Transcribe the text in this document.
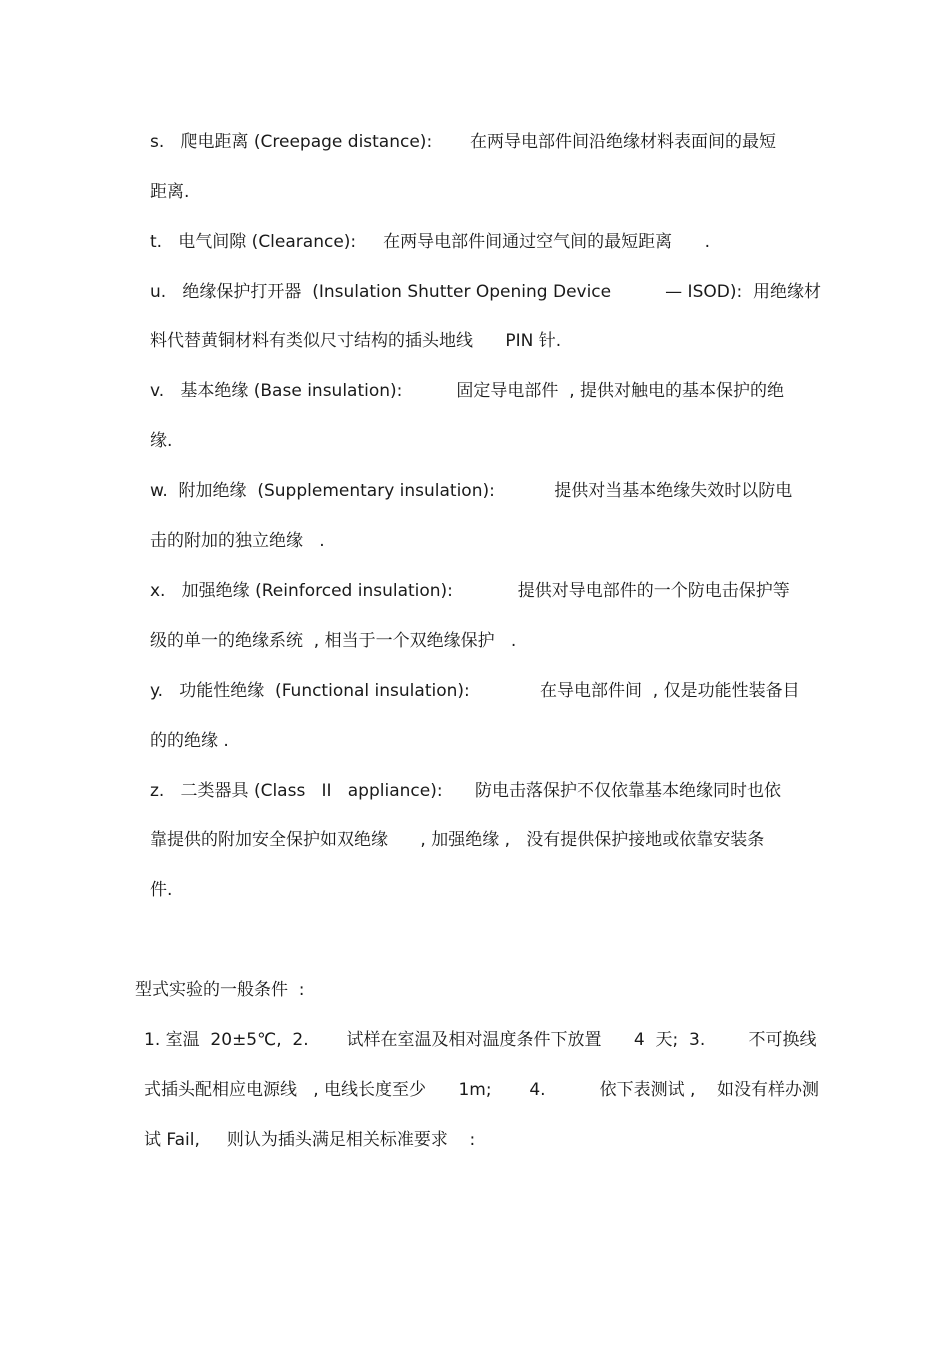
s.   爬电距离 (Creepage distance):       在两导电部件间沿绝缘材料表面间的最短
距离.
t.   电气间隙 (Clearance):     在两导电部件间通过空气间的最短距离      .
u.   绝缘保护打开器  (Insulation Shutter Opening Device          — ISOD):  用绝缘材
料代替黄铜材料有类似尺寸结构的插头地线      PIN 针.
v.   基本绝缘 (Base insulation):          固定导电部件  , 提供对触电的基本保护的绝
缘.
w.  附加绝缘  (Supplementary insulation):           提供对当基本绝缘失效时以防电
击的附加的独立绝缘   .
x.   加强绝缘 (Reinforced insulation):            提供对导电部件的一个防电击保护等
级的单一的绝缘系统  , 相当于一个双绝缘保护   .
y.   功能性绝缘  (Functional insulation):             在导电部件间  , 仅是功能性装备目
的的绝缘 .
z.   二类器具 (Class   II   appliance):      防电击落保护不仅依靠基本绝缘同时也依
靠提供的附加安全保护如双绝缘      , 加强绝缘 ,   没有提供保护接地或依靠安装条
件.
型式实验的一般条件  :
1. 室温  20±5℃,  2.       试样在室温及相对温度条件下放置      4  天;  3.        不可换线
式插头配相应电源线   , 电线长度至少      1m;       4.          依下表测试 ,    如没有样办测
试 Fail,     则认为插头满足相关标准要求    :
